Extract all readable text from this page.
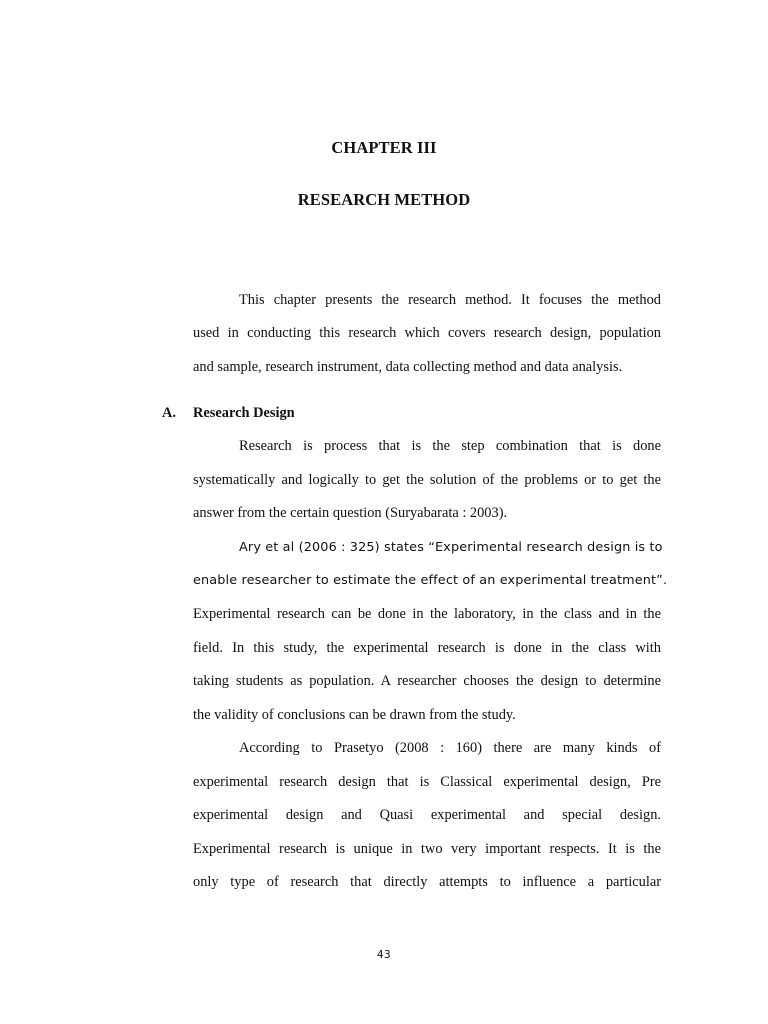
CHAPTER III
RESEARCH METHOD
This chapter presents the research method. It focuses the method
used in conducting this research which covers research design, population
and sample, research instrument, data collecting method and data analysis.
A. Research Design
Research is process that is the step combination that is done
systematically and logically to get the solution of the problems or to get the
answer from the certain question (Suryabarata : 2003).
Ary et al (2006 : 325) states “Experimental research design is to
enable researcher to estimate the effect of an experimental treatment”.
Experimental research can be done in the laboratory, in the class and in the
field. In this study, the experimental research is done in the class with
taking students as population. A researcher chooses the design to determine
the validity of conclusions can be drawn from the study.
According to Prasetyo (2008 : 160) there are many kinds of
experimental research design that is Classical experimental design, Pre
experimental design and Quasi experimental and special design.
Experimental research is unique in two very important respects. It is the
only type of research that directly attempts to influence a particular
43
